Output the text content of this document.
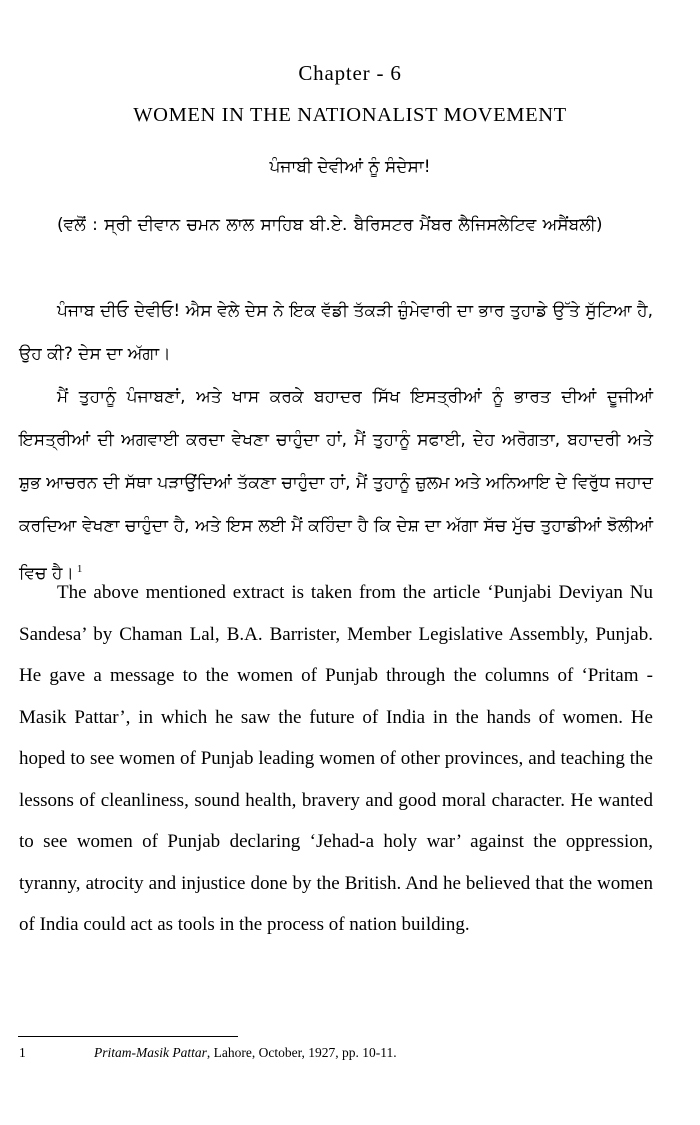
Chapter - 6
WOMEN IN THE NATIONALIST MOVEMENT
ਪੰਜਾਬੀ ਦੇਵੀਆਂ ਨੂੰ ਸੰਦੇਸਾ!
(ਵਲੋਂ : ਸ੍ਰੀ ਦੀਵਾਨ ਚਮਨ ਲਾਲ ਸਾਹਿਬ ਬੀ.ਏ. ਬੈਰਿਸਟਰ ਮੈਂਬਰ ਲੈਜਿਸਲੇਟਿਵ ਅਸੈਂਬਲੀ)
ਪੰਜਾਬ ਦੀਓ ਦੇਵੀਓ! ਐਸ ਵੇਲੇ ਦੇਸ ਨੇ ਇਕ ਵੱਡੀ ਤੱਕੜੀ ਜ਼ੁੰਮੇਵਾਰੀ ਦਾ ਭਾਰ ਤੁਹਾਡੇ ਉੱਤੇ ਸੁੱਟਿਆ ਹੈ, ਉਹ ਕੀ? ਦੇਸ ਦਾ ਅੱਗਾ।
ਮੈਂ ਤੁਹਾਨੂੰ ਪੰਜਾਬਣਾਂ, ਅਤੇ ਖਾਸ ਕਰਕੇ ਬਹਾਦਰ ਸਿੱਖ ਇਸਤ੍ਰੀਆਂ ਨੂੰ ਭਾਰਤ ਦੀਆਂ ਦੂਜੀਆਂ ਇਸਤ੍ਰੀਆਂ ਦੀ ਅਗਵਾਈ ਕਰਦਾ ਵੇਖਣਾ ਚਾਹੁੰਦਾ ਹਾਂ, ਮੈਂ ਤੁਹਾਨੂੰ ਸਫਾਈ, ਦੇਹ ਅਰੋਗਤਾ, ਬਹਾਦਰੀ ਅਤੇ ਸ਼ੁਭ ਆਚਰਨ ਦੀ ਸੱਥਾ ਪੜਾਉਂਦਿਆਂ ਤੱਕਣਾ ਚਾਹੁੰਦਾ ਹਾਂ, ਮੈਂ ਤੁਹਾਨੂੰ ਜ਼ੁਲਮ ਅਤੇ ਅਨਿਆਇ ਦੇ ਵਿਰੁੱਧ ਜਹਾਦ ਕਰਦਿਆ ਵੇਖਣਾ ਚਾਹੁੰਦਾ ਹੈ, ਅਤੇ ਇਸ ਲਈ ਮੈਂ ਕਹਿੰਦਾ ਹੈ ਕਿ ਦੇਸ਼ ਦਾ ਅੱਗਾ ਸੱਚ ਮੁੱਚ ਤੁਹਾਡੀਆਂ ਝੋਲੀਆਂ ਵਿਚ ਹੈ। $^1$
The above mentioned extract is taken from the article ‘Punjabi Deviyan Nu Sandesa’ by Chaman Lal, B.A. Barrister, Member Legislative Assembly, Punjab. He gave a message to the women of Punjab through the columns of ‘Pritam - Masik Pattar’, in which he saw the future of India in the hands of women. He hoped to see women of Punjab leading women of other provinces, and teaching the lessons of cleanliness, sound health, bravery and good moral character. He wanted to see women of Punjab declaring ‘Jehad-a holy war’ against the oppression, tyranny, atrocity and injustice done by the British. And he believed that the women of India could act as tools in the process of nation building.
1	Pritam-Masik Pattar, Lahore, October, 1927, pp. 10-11.
